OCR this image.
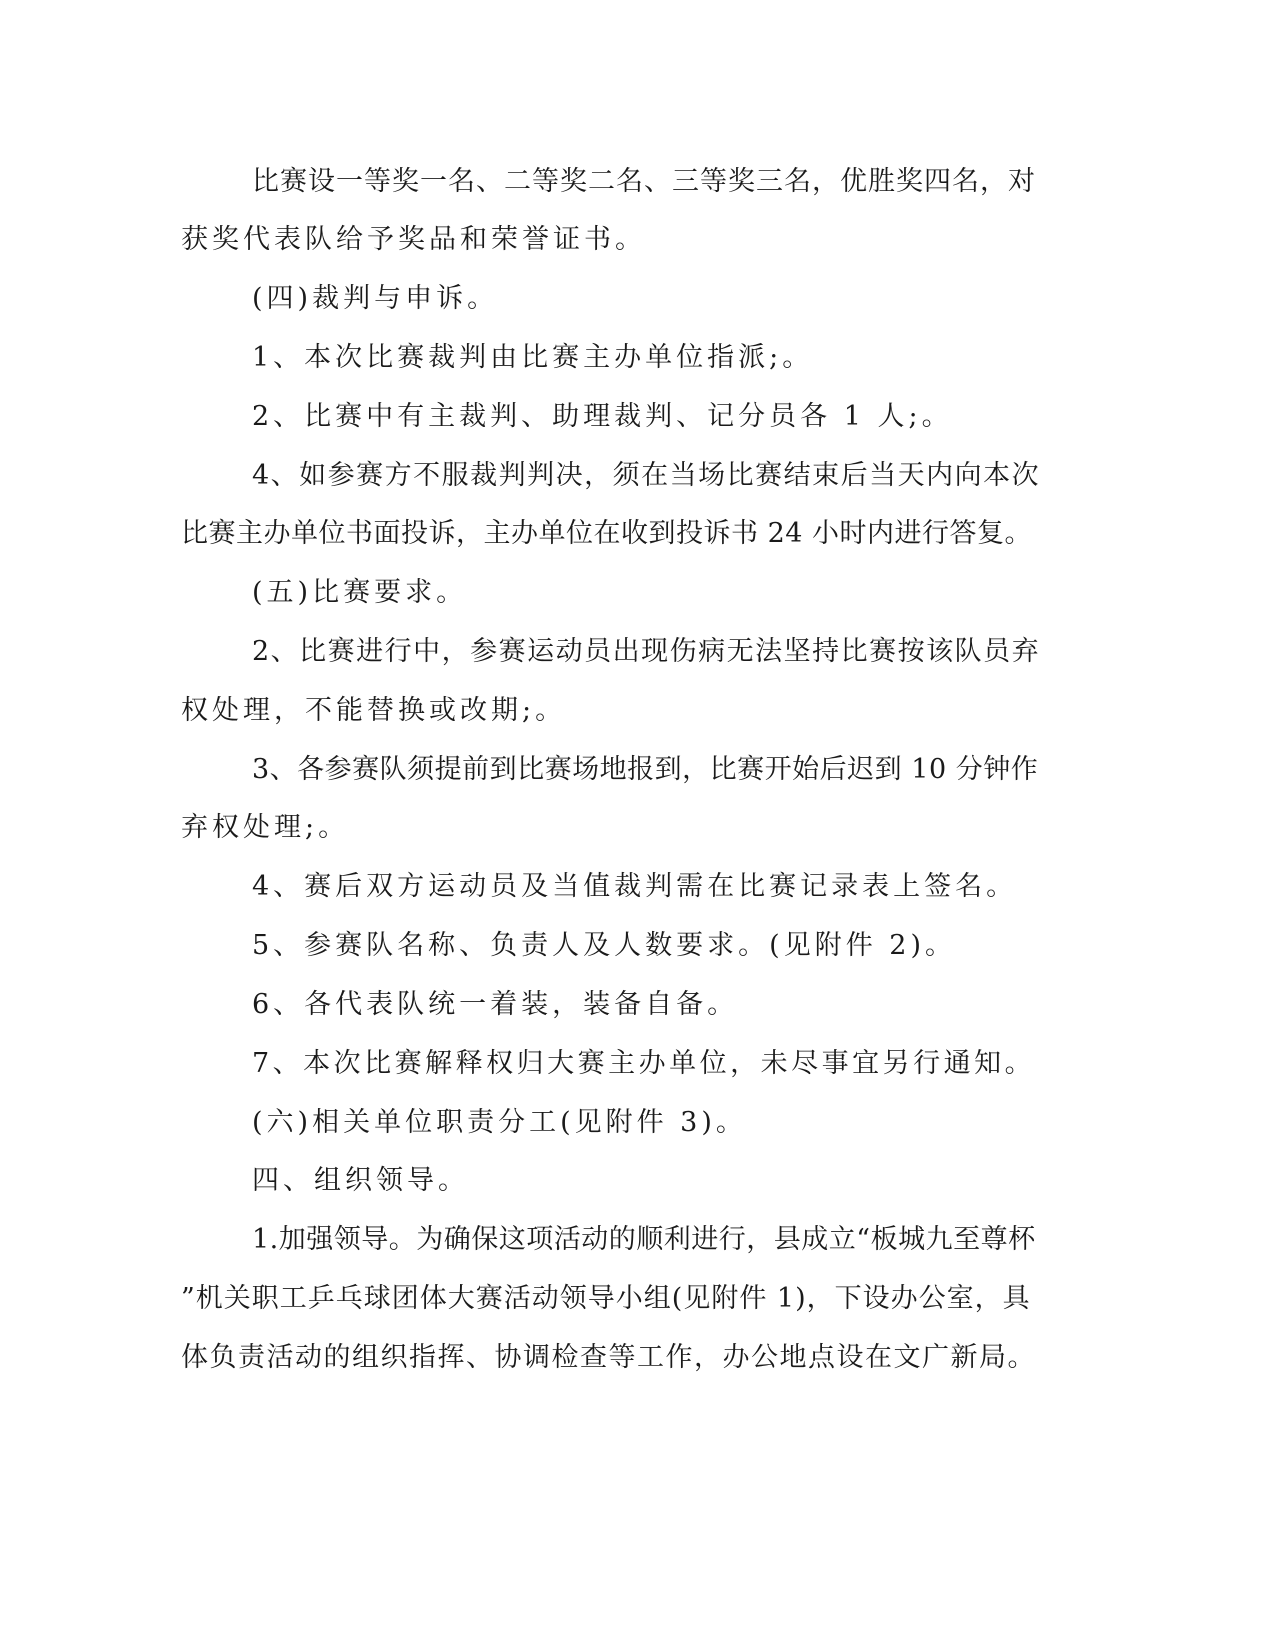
比赛设一等奖一名、二等奖二名、三等奖三名，优胜奖四名，对
获奖代表队给予奖品和荣誉证书。
(四)裁判与申诉。
1、本次比赛裁判由比赛主办单位指派;。
2、比赛中有主裁判、助理裁判、记分员各 1 人;。
4、如参赛方不服裁判判决，须在当场比赛结束后当天内向本次
比赛主办单位书面投诉，主办单位在收到投诉书 24 小时内进行答复。
(五)比赛要求。
2、比赛进行中，参赛运动员出现伤病无法坚持比赛按该队员弃
权处理，不能替换或改期;。
3、各参赛队须提前到比赛场地报到，比赛开始后迟到 10 分钟作
弃权处理;。
4、赛后双方运动员及当值裁判需在比赛记录表上签名。
5、参赛队名称、负责人及人数要求。(见附件 2)。
6、各代表队统一着装，装备自备。
7、本次比赛解释权归大赛主办单位，未尽事宜另行通知。
(六)相关单位职责分工(见附件 3)。
四、组织领导。
1.加强领导。为确保这项活动的顺利进行，县成立“板城九至尊杯
”机关职工乒乓球团体大赛活动领导小组(见附件 1)，下设办公室，具
体负责活动的组织指挥、协调检查等工作，办公地点设在文广新局。
